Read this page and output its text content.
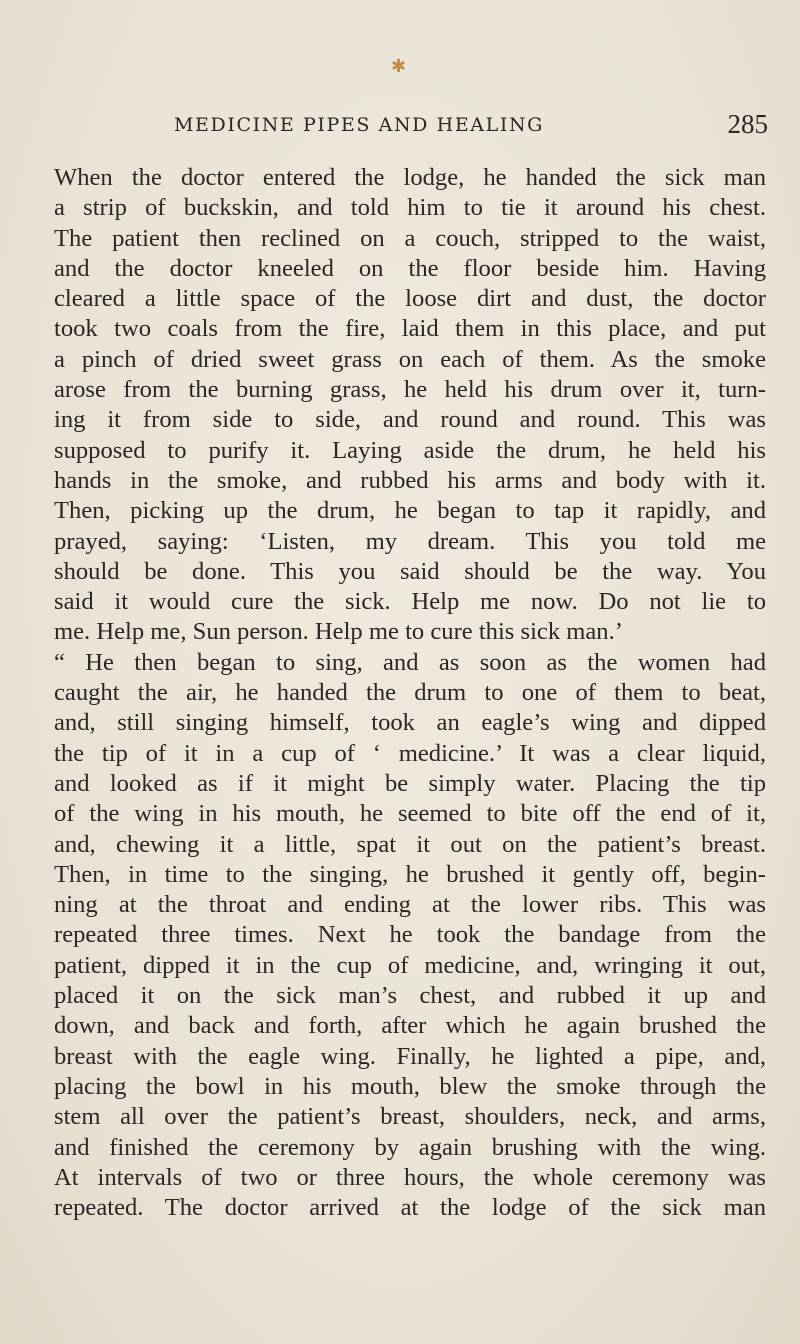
✱
MEDICINE PIPES AND HEALING	285
When the doctor entered the lodge, he handed the sick man
a strip of buckskin, and told him to tie it around his chest.
The patient then reclined on a couch, stripped to the waist,
and the doctor kneeled on the floor beside him. Having
cleared a little space of the loose dirt and dust, the doctor
took two coals from the fire, laid them in this place, and put
a pinch of dried sweet grass on each of them. As the smoke
arose from the burning grass, he held his drum over it, turn-
ing it from side to side, and round and round. This was
supposed to purify it. Laying aside the drum, he held his
hands in the smoke, and rubbed his arms and body with it.
Then, picking up the drum, he began to tap it rapidly, and
prayed, saying: ‘Listen, my dream. This you told me
should be done. This you said should be the way. You
said it would cure the sick. Help me now. Do not lie to
me. Help me, Sun person. Help me to cure this sick man.’
“ He then began to sing, and as soon as the women had
caught the air, he handed the drum to one of them to beat,
and, still singing himself, took an eagle’s wing and dipped
the tip of it in a cup of ‘ medicine.’ It was a clear liquid,
and looked as if it might be simply water. Placing the tip
of the wing in his mouth, he seemed to bite off the end of it,
and, chewing it a little, spat it out on the patient’s breast.
Then, in time to the singing, he brushed it gently off, begin-
ning at the throat and ending at the lower ribs. This was
repeated three times. Next he took the bandage from the
patient, dipped it in the cup of medicine, and, wringing it out,
placed it on the sick man’s chest, and rubbed it up and
down, and back and forth, after which he again brushed the
breast with the eagle wing. Finally, he lighted a pipe, and,
placing the bowl in his mouth, blew the smoke through the
stem all over the patient’s breast, shoulders, neck, and arms,
and finished the ceremony by again brushing with the wing.
At intervals of two or three hours, the whole ceremony was
repeated. The doctor arrived at the lodge of the sick man
